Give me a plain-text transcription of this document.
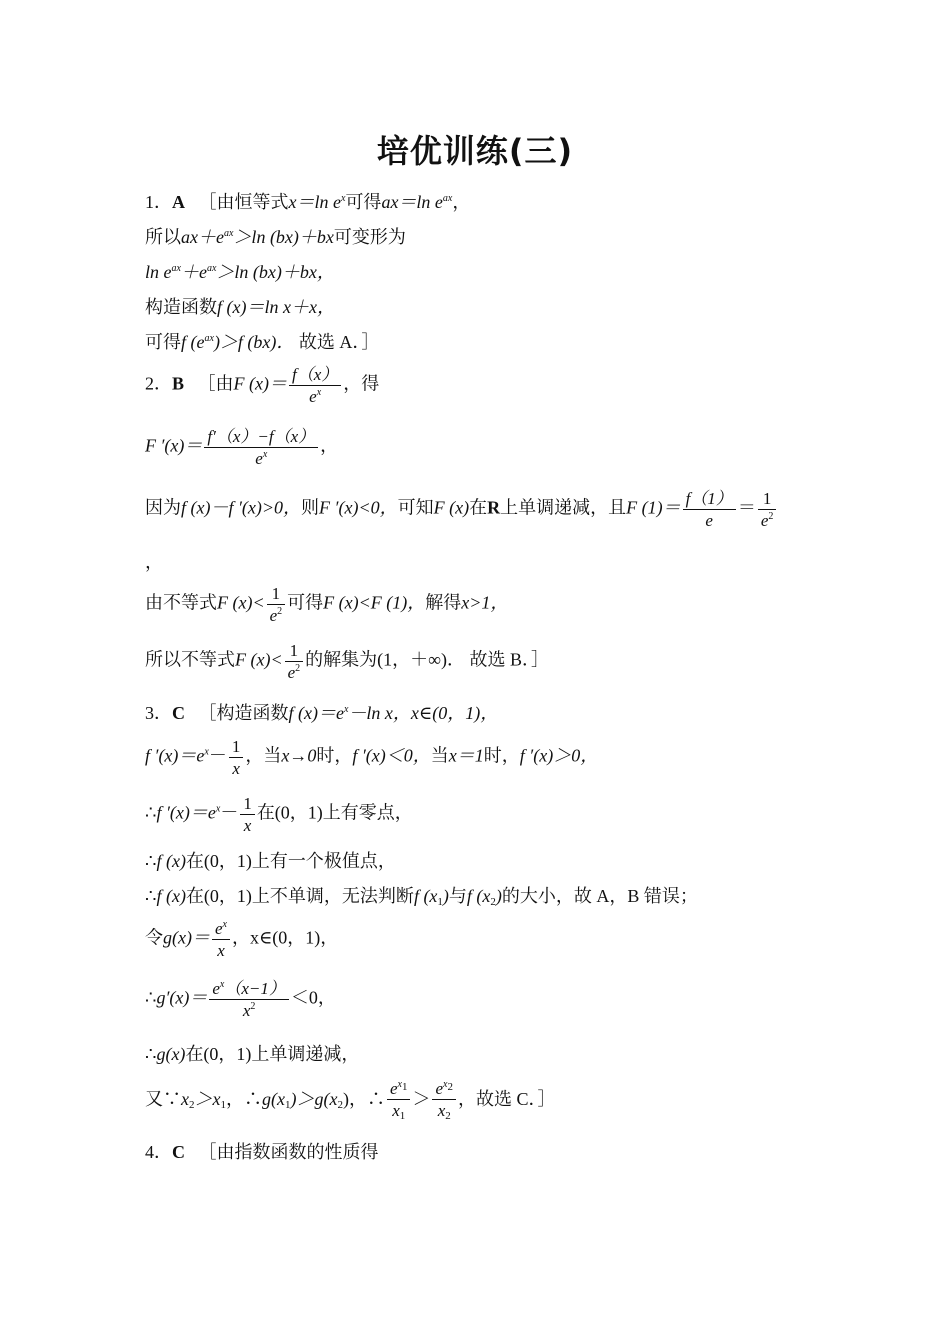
培优训练(三)
1．A ［由恒等式x＝ln $e^x$可得ax＝ln $e^{ax}$，
所以$ax+e^{ax}>\ln$ (bx)＋bx可变形为
$\ln e^{ax}+e^{ax}>\ln$ (bx)＋bx，
构造函数f (x)＝ln x＋x，
可得f $(e^{ax})>f$ (bx)． 故选 A．］
2．B ［由F $(x)= \frac{f(x)}{e^x}$ ，得
F $'(x)= \frac{f'(x)-f(x)}{e^x}$ ，
因为f (x)－f ′(x)>0，则F ′(x)<0，可知F (x)在R上单调递减，且F $(1)= \frac{f(1)}{e} = \frac{1}{e^2}$
，
由不等式F $(x)< \frac{1}{e^2}$ 可得F (x)<F (1)，解得x>1，
所以不等式F $(x)< \frac{1}{e^2}$ 的解集为(1，＋∞)． 故选 B．］
3．C ［构造函数f $(x)=e^x-\ln$ x，x∈(0，1)，
f $'(x)=e^x- \frac{1}{x}$ ，当x→0时，f ′(x)＜0，当x＝1时，f ′(x)＞0，
∴f $'(x)=e^x- \frac{1}{x}$ 在(0，1)上有零点，
∴f (x)在(0，1)上有一个极值点，
∴f (x)在(0，1)上不单调，无法判断f $(x_1)$与f $(x_2)$的大小，故 A，B 错误；
令$g(x)= \frac{e^x}{x}$ ，x∈(0，1)，
∴g′(x)＝ $\frac{e^x(x-1)}{x^2} <0$，
∴g(x)在(0，1)上单调递减，
又$\because x_2>x_1$，$\therefore g(x_1)>g(x_2)$，∴ $\frac{e^{x_1}}{x_1} > \frac{e^{x_2}}{x_2}$ ，故选 C．］
4．C ［由指数函数的性质得
